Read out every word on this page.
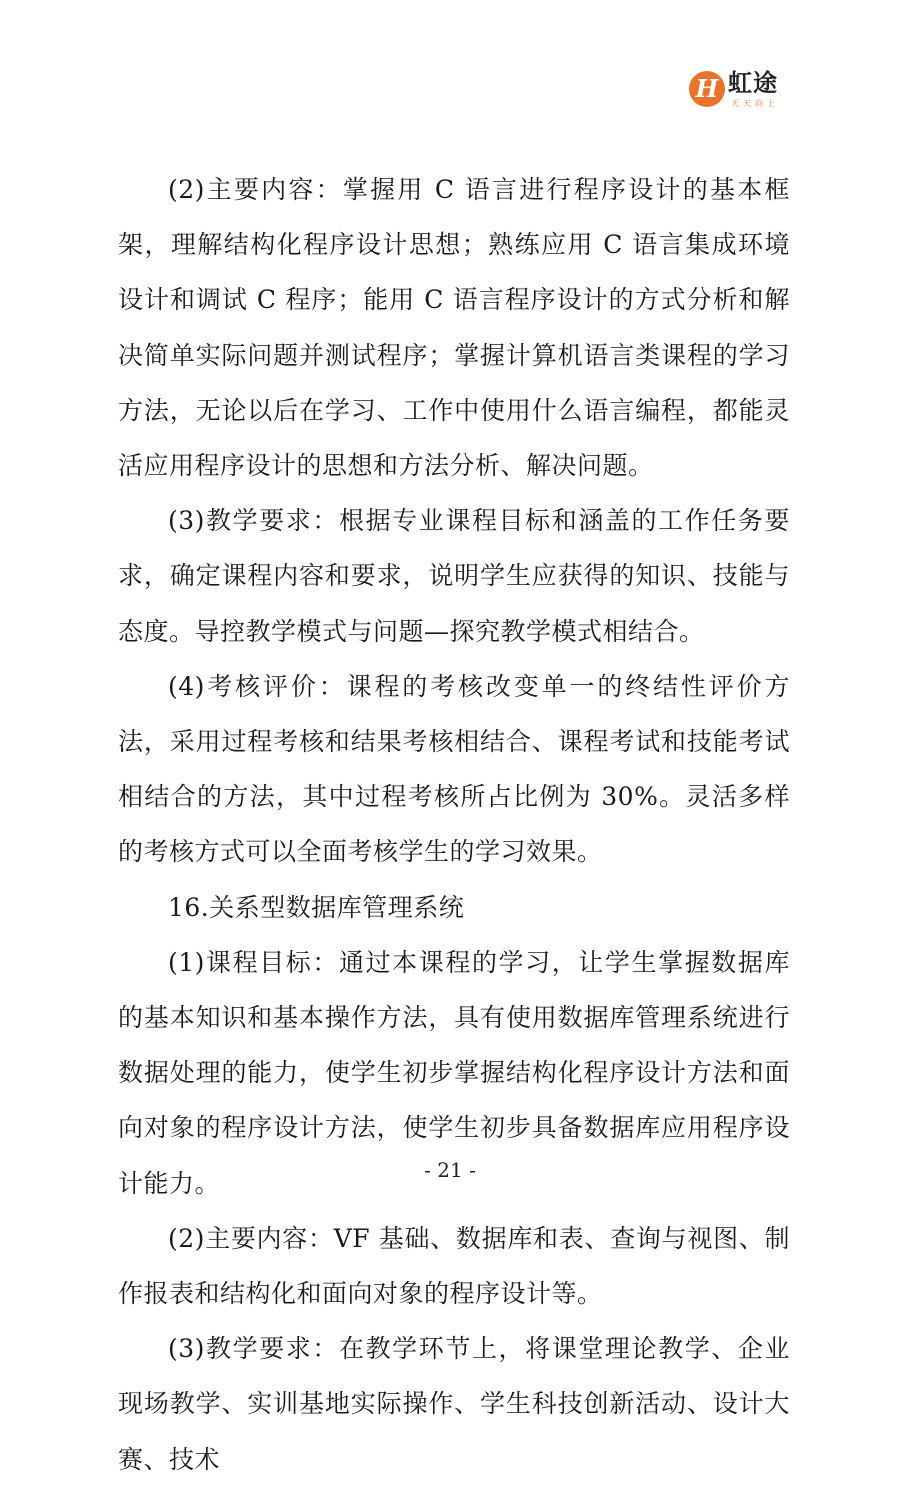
H 虹途
天天向上

(2)主要内容：掌握用 C 语言进行程序设计的基本框架，理解结构化程序设计思想；熟练应用 C 语言集成环境设计和调试 C 程序；能用 C 语言程序设计的方式分析和解决简单实际问题并测试程序；掌握计算机语言类课程的学习方法，无论以后在学习、工作中使用什么语言编程，都能灵活应用程序设计的思想和方法分析、解决问题。

(3)教学要求：根据专业课程目标和涵盖的工作任务要求，确定课程内容和要求，说明学生应获得的知识、技能与态度。导控教学模式与问题—探究教学模式相结合。

(4)考核评价：课程的考核改变单一的终结性评价方法，采用过程考核和结果考核相结合、课程考试和技能考试相结合的方法，其中过程考核所占比例为 30%。灵活多样的考核方式可以全面考核学生的学习效果。

16.关系型数据库管理系统

(1)课程目标：通过本课程的学习，让学生掌握数据库的基本知识和基本操作方法，具有使用数据库管理系统进行数据处理的能力，使学生初步掌握结构化程序设计方法和面向对象的程序设计方法，使学生初步具备数据库应用程序设计能力。

(2)主要内容：VF 基础、数据库和表、查询与视图、制作报表和结构化和面向对象的程序设计等。

(3)教学要求：在教学环节上，将课堂理论教学、企业现场教学、实训基地实际操作、学生科技创新活动、设计大赛、技术

- 21 -
